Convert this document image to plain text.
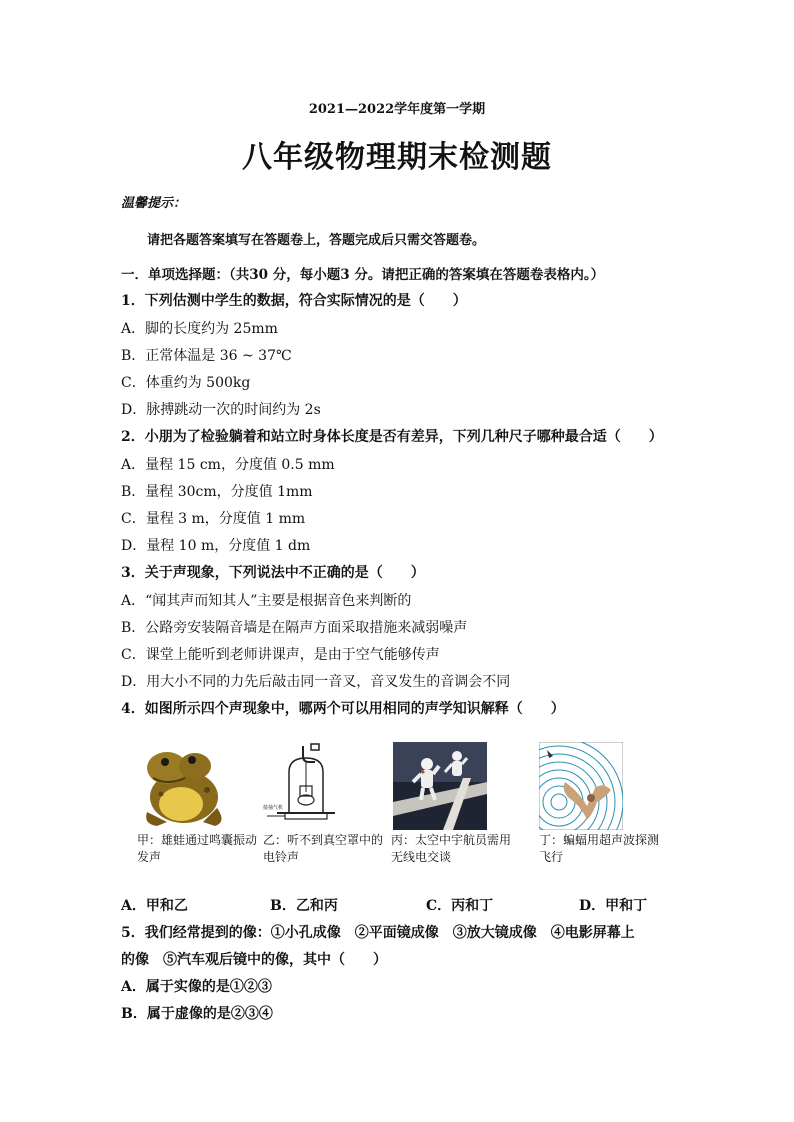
2021—2022学年度第一学期
八年级物理期末检测题
温馨提示：
请把各题答案填写在答题卷上，答题完成后只需交答题卷。
一．单项选择题：（共30 分，每小题3 分。请把正确的答案填在答题卷表格内。）
1．下列估测中学生的数据，符合实际情况的是（　　）
A．脚的长度约为 25mm
B．正常体温是 36 ~ 37℃
C．体重约为 500kg
D．脉搏跳动一次的时间约为 2s
2．小朋为了检验躺着和站立时身体长度是否有差异，下列几种尺子哪种最合适（　　）
A．量程 15 cm，分度值 0.5 mm
B．量程 30cm，分度值 1mm
C．量程 3 m，分度值 1 mm
D．量程 10 m，分度值 1 dm
3．关于声现象，下列说法中不正确的是（　　）
A．“闻其声而知其人”主要是根据音色来判断的
B．公路旁安装隔音墙是在隔声方面采取措施来减弱噪声
C．课堂上能听到老师讲课声，是由于空气能够传声
D．用大小不同的力先后敲击同一音叉，音叉发生的音调会不同
4．如图所示四个声现象中，哪两个可以用相同的声学知识解释（　　）
甲：雄蛙通过鸣囊振动发声
接抽气机
乙：听不到真空罩中的电铃声
丙：太空中宇航员需用无线电交谈
丁：蝙蝠用超声波探测飞行
A．甲和乙	B．乙和丙	C．丙和丁	D．甲和丁
5．我们经常提到的像：①小孔成像　②平面镜成像　③放大镜成像　④电影屏幕上
的像　⑤汽车观后镜中的像，其中（　　）
A．属于实像的是①②③
B．属于虚像的是②③④
